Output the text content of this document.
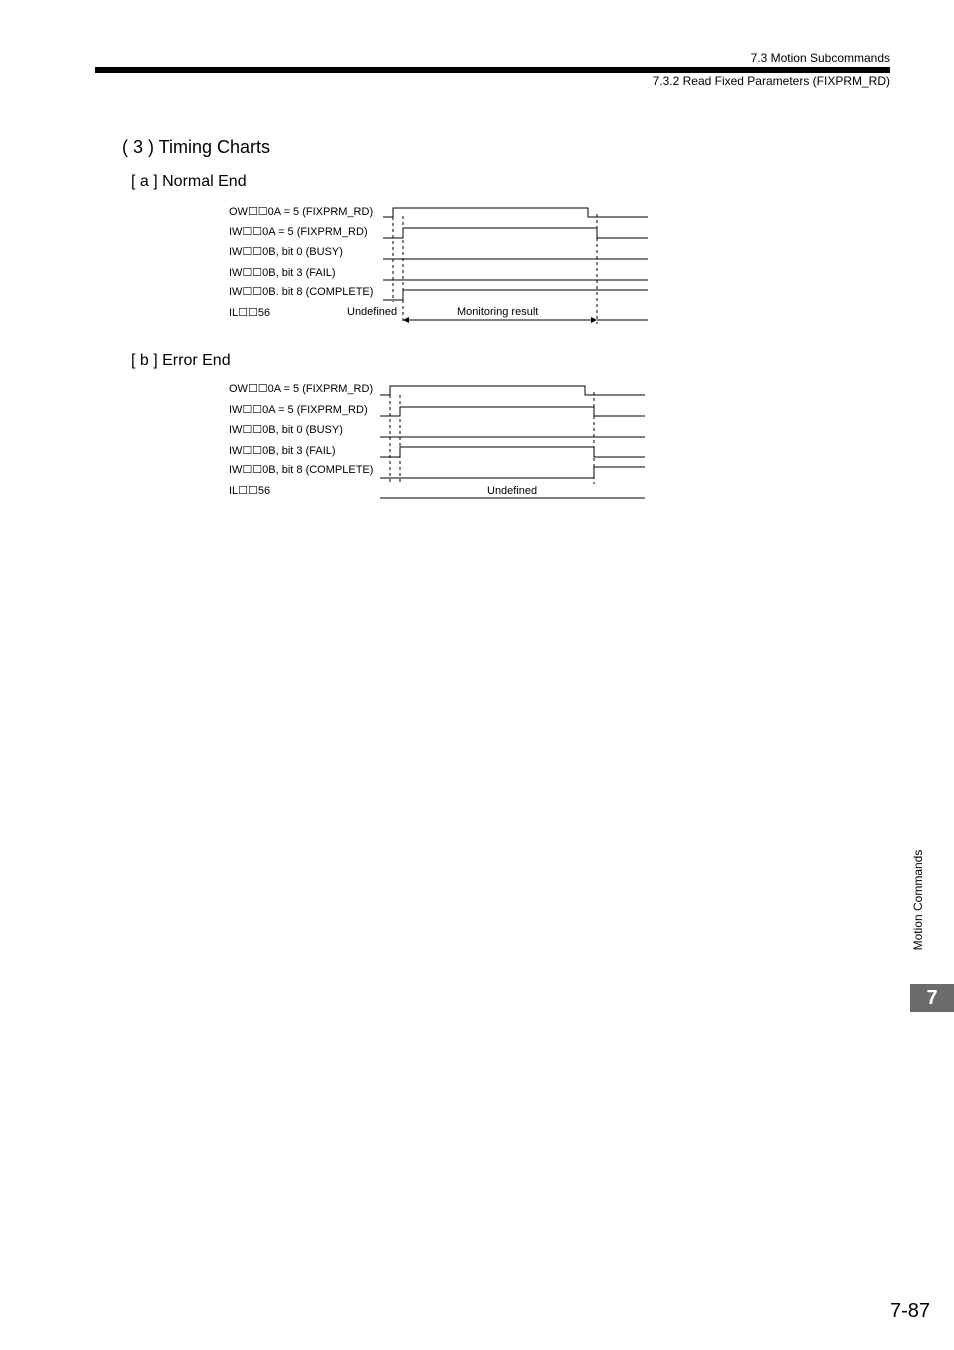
7.3 Motion Subcommands
7.3.2 Read Fixed Parameters (FIXPRM_RD)
( 3 ) Timing Charts
[ a ] Normal End
[ b ] Error End
OW☐☐0A = 5 (FIXPRM_RD)
IW☐☐0A = 5 (FIXPRM_RD)
IW☐☐0B, bit 0 (BUSY)
IW☐☐0B, bit 3 (FAIL)
IW☐☐0B. bit 8 (COMPLETE)
IL☐☐56	Undefined	Monitoring result
OW☐☐0A = 5 (FIXPRM_RD)
IW☐☐0A = 5 (FIXPRM_RD)
IW☐☐0B, bit 0 (BUSY)
IW☐☐0B, bit 3 (FAIL)
IW☐☐0B, bit 8 (COMPLETE)
IL☐☐56	Undefined
Motion Commands
7
7-87
